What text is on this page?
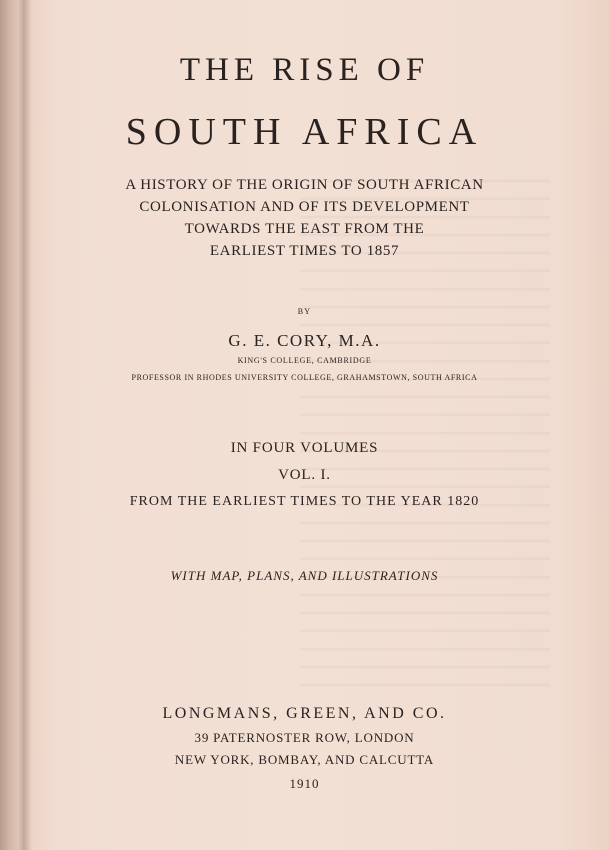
THE RISE OF
SOUTH AFRICA
A HISTORY OF THE ORIGIN OF SOUTH AFRICAN
COLONISATION AND OF ITS DEVELOPMENT
TOWARDS THE EAST FROM THE
EARLIEST TIMES TO 1857
BY
G. E. CORY, M.A.
KING'S COLLEGE, CAMBRIDGE
PROFESSOR IN RHODES UNIVERSITY COLLEGE, GRAHAMSTOWN, SOUTH AFRICA
IN FOUR VOLUMES
VOL. I.
FROM THE EARLIEST TIMES TO THE YEAR 1820
WITH MAP, PLANS, AND ILLUSTRATIONS
LONGMANS, GREEN, AND CO.
39 PATERNOSTER ROW, LONDON
NEW YORK, BOMBAY, AND CALCUTTA
1910
